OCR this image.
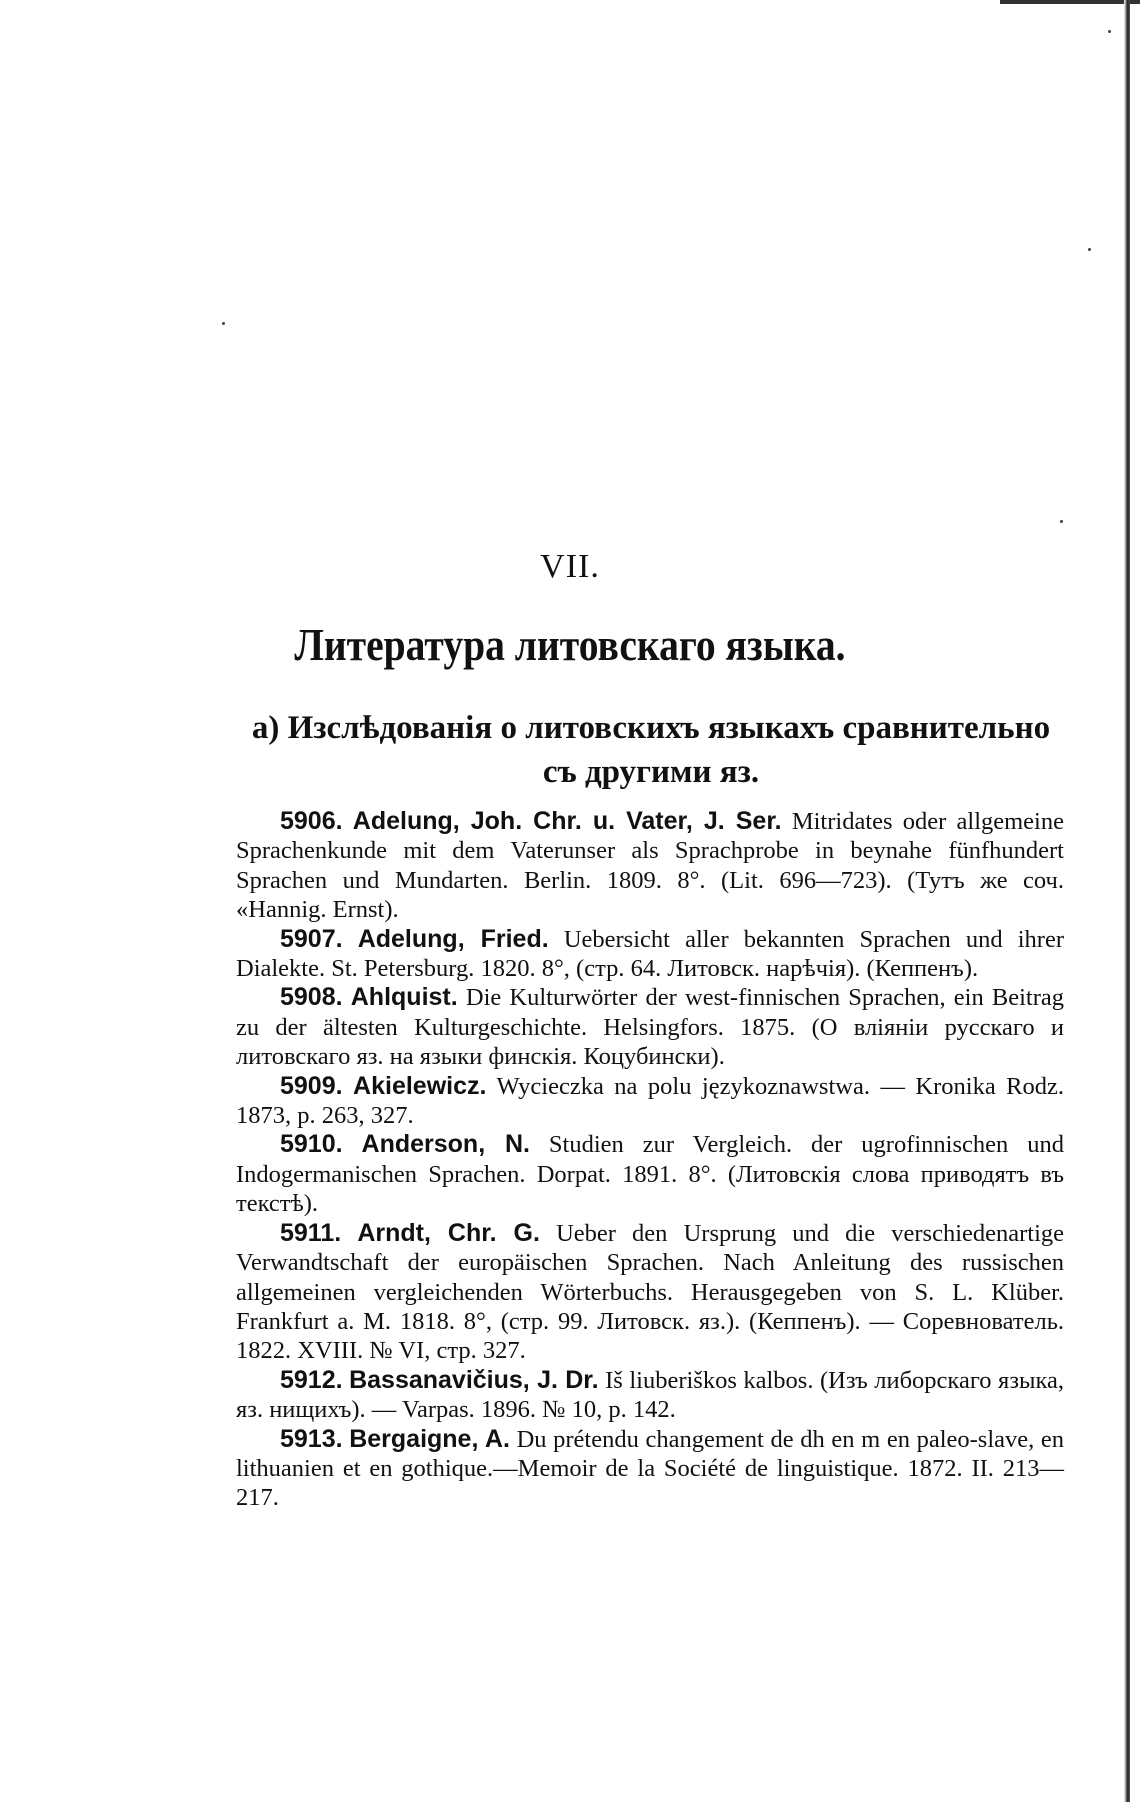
VII.
Литература литовскаго языка.
а) Изслѣдованія о литовскихъ языкахъ сравнительно съ другими яз.

5906. Adelung, Joh. Chr. u. Vater, J. Ser. Mitridates oder allgemeine Sprachenkunde mit dem Vaterunser als Sprachprobe in beynahe fünfhundert Sprachen und Mundarten. Berlin. 1809. 8°. (Lit. 696—723). (Тутъ же соч. «Hannig. Ernst).

5907. Adelung, Fried. Uebersicht aller bekannten Sprachen und ihrer Dialekte. St. Petersburg. 1820. 8°, (стр. 64. Литовск. нарѣчія). (Кеппенъ).

5908. Ahlquist. Die Kulturwörter der west-finnischen Sprachen, ein Beitrag zu der ältesten Kulturgeschichte. Helsingfors. 1875. (О вліяніи русскаго и литовскаго яз. на языки финскія. Коцубински).

5909. Akielewicz. Wycieczka na polu językoznawstwa. — Kronika Rodz. 1873, p. 263, 327.

5910. Anderson, N. Studien zur Vergleich. der ugrofinnischen und Indogermanischen Sprachen. Dorpat. 1891. 8°. (Литовскія слова приводятъ въ текстѣ).

5911. Arndt, Chr. G. Ueber den Ursprung und die verschiedenartige Verwandtschaft der europäischen Sprachen. Nach Anleitung des russischen allgemeinen vergleichenden Wörterbuchs. Herausgegeben von S. L. Klüber. Frankfurt a. M. 1818. 8°, (стр. 99. Литовск. яз.). (Кеппенъ). — Соревнователь. 1822. XVIII. № VI, стр. 327.

5912. Bassanavičius, J. Dr. Iš liuberiškos kalbos. (Изъ либорскаго языка, яз. нищихъ). — Varpas. 1896. № 10, p. 142.

5913. Bergaigne, A. Du prétendu changement de dh en m en paleo-slave, en lithuanien et en gothique.—Memoir de la Société de linguistique. 1872. II. 213—217.
